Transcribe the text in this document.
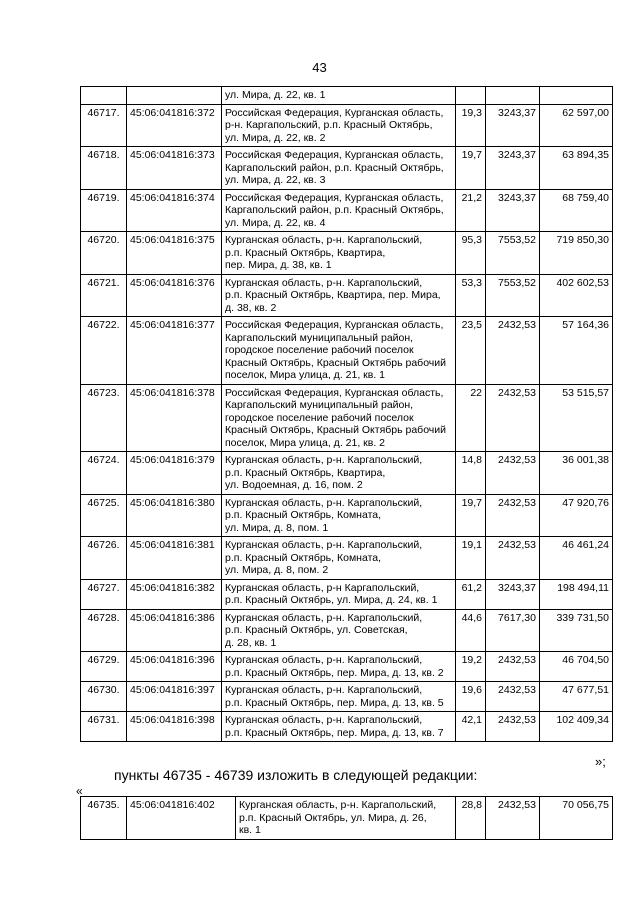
43
		ул. Мира, д. 22, кв. 1			
46717.	45:06:041816:372	Российская Федерация, Курганская область,
р-н. Каргапольский, р.п. Красный Октябрь,
ул. Мира, д. 22, кв. 2	19,3	3243,37	62 597,00
46718.	45:06:041816:373	Российская Федерация, Курганская область,
Каргапольский район, р.п. Красный Октябрь,
ул. Мира, д. 22, кв. 3	19,7	3243,37	63 894,35
46719.	45:06:041816:374	Российская Федерация, Курганская область,
Каргапольский район, р.п. Красный Октябрь,
ул. Мира, д. 22, кв. 4	21,2	3243,37	68 759,40
46720.	45:06:041816:375	Курганская область, р-н. Каргапольский,
р.п. Красный Октябрь, Квартира,
пер. Мира, д. 38, кв. 1	95,3	7553,52	719 850,30
46721.	45:06:041816:376	Курганская область, р-н. Каргапольский,
р.п. Красный Октябрь, Квартира, пер. Мира,
д. 38, кв. 2	53,3	7553,52	402 602,53
46722.	45:06:041816:377	Российская Федерация, Курганская область,
Каргапольский муниципальный район,
городское поселение рабочий поселок
Красный Октябрь, Красный Октябрь рабочий
поселок, Мира улица, д. 21, кв. 1	23,5	2432,53	57 164,36
46723.	45:06:041816:378	Российская Федерация, Курганская область,
Каргапольский муниципальный район,
городское поселение рабочий поселок
Красный Октябрь, Красный Октябрь рабочий
поселок, Мира улица, д. 21, кв. 2	22	2432,53	53 515,57
46724.	45:06:041816:379	Курганская область, р-н. Каргапольский,
р.п. Красный Октябрь, Квартира,
ул. Водоемная, д. 16, пом. 2	14,8	2432,53	36 001,38
46725.	45:06:041816:380	Курганская область, р-н. Каргапольский,
р.п. Красный Октябрь, Комната,
ул. Мира, д. 8, пом. 1	19,7	2432,53	47 920,76
46726.	45:06:041816:381	Курганская область, р-н. Каргапольский,
р.п. Красный Октябрь, Комната,
ул. Мира, д. 8, пом. 2	19,1	2432,53	46 461,24
46727.	45:06:041816:382	Курганская область, р-н Каргапольский,
р.п. Красный Октябрь, ул. Мира, д. 24, кв. 1	61,2	3243,37	198 494,11
46728.	45:06:041816:386	Курганская область, р-н. Каргапольский,
р.п. Красный Октябрь, ул. Советская,
д. 28, кв. 1	44,6	7617,30	339 731,50
46729.	45:06:041816:396	Курганская область, р-н. Каргапольский,
р.п. Красный Октябрь, пер. Мира, д. 13, кв. 2	19,2	2432,53	46 704,50
46730.	45:06:041816:397	Курганская область, р-н. Каргапольский,
р.п. Красный Октябрь, пер. Мира, д. 13, кв. 5	19,6	2432,53	47 677,51
46731.	45:06:041816:398	Курганская область, р-н. Каргапольский,
р.п. Красный Октябрь, пер. Мира, д. 13, кв. 7	42,1	2432,53	102 409,34
»;
пункты 46735 - 46739 изложить в следующей редакции:
«
46735.	45:06:041816:402	Курганская область, р-н. Каргапольский,
р.п. Красный Октябрь, ул. Мира, д. 26,
кв. 1
	28,8	2432,53	70 056,75
